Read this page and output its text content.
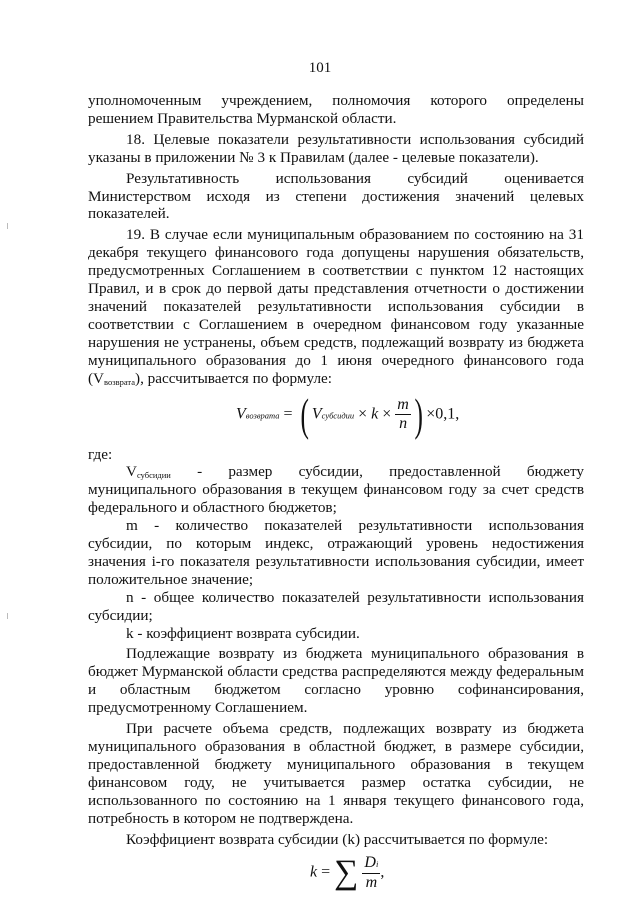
101

уполномоченным учреждением, полномочия которого определены решением Правительства Мурманской области.

18. Целевые показатели результативности использования субсидий указаны в приложении № 3 к Правилам (далее - целевые показатели).

Результативность использования субсидий оценивается Министерством исходя из степени достижения значений целевых показателей.

19. В случае если муниципальным образованием по состоянию на 31 декабря текущего финансового года допущены нарушения обязательств, предусмотренных Соглашением в соответствии с пунктом 12 настоящих Правил, и в срок до первой даты представления отчетности о достижении значений показателей результативности использования субсидии в соответствии с Соглашением в очередном финансовом году указанные нарушения не устранены, объем средств, подлежащий возврату из бюджета муниципального образования до 1 июня очередного финансового года $(V_{возврата})$, рассчитывается по формуле:

Vвозврата = ( Vсубсидии × $k \times \frac{m}{n}$ ) ×0,1,

где:

$V_{субсидии}$ - размер субсидии, предоставленной бюджету муниципального образования в текущем финансовом году за счет средств федерального и областного бюджетов;

m - количество показателей результативности использования субсидии, по которым индекс, отражающий уровень недостижения значения i-го показателя результативности использования субсидии, имеет положительное значение;

n - общее количество показателей результативности использования субсидии;

k - коэффициент возврата субсидии.

Подлежащие возврату из бюджета муниципального образования в бюджет Мурманской области средства распределяются между федеральным и областным бюджетом согласно уровню софинансирования, предусмотренному Соглашением.

При расчете объема средств, подлежащих возврату из бюджета муниципального образования в областной бюджет, в размере субсидии, предоставленной бюджету муниципального образования в текущем финансовом году, не учитывается размер остатка субсидии, не использованного по состоянию на 1 января текущего финансового года, потребность в котором не подтверждена.

Коэффициент возврата субсидии (k) рассчитывается по формуле:

k = ∑ $\frac{Di}{m}$ ,
